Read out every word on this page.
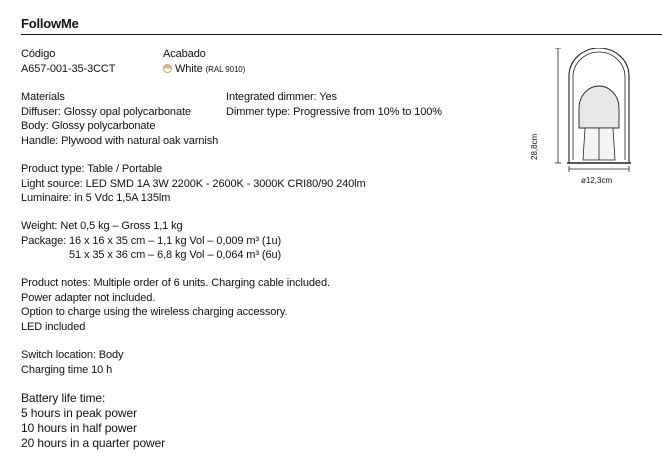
FollowMe
Código
A657-001-35-3CCT
Acabado
White (RAL 9010)
Materials
Diffuser: Glossy opal polycarbonate
Body: Glossy polycarbonate
Handle: Plywood with natural oak varnish
Integrated dimmer: Yes
Dimmer type: Progressive from 10% to 100%
Product type: Table / Portable
Light source: LED SMD 1A 3W 2200K - 2600K - 3000K CRI80/90 240lm
Luminaire: in 5 Vdc 1,5A 135lm
Weight: Net 0,5 kg – Gross 1,1 kg
Package: 16 x 16 x 35 cm – 1,1 kg Vol – 0,009 m³ (1u)
51 x 35 x 36 cm – 6,8 kg Vol – 0,064 m³ (6u)
Product notes: Multiple order of 6 units. Charging cable included.
Power adapter not included.
Option to charge using the wireless charging accessory.
LED included
Switch location: Body
Charging time 10 h
Battery life time:
5 hours in peak power
10 hours in half power
20 hours in a quarter power
28,8cm
ø12,3cm
